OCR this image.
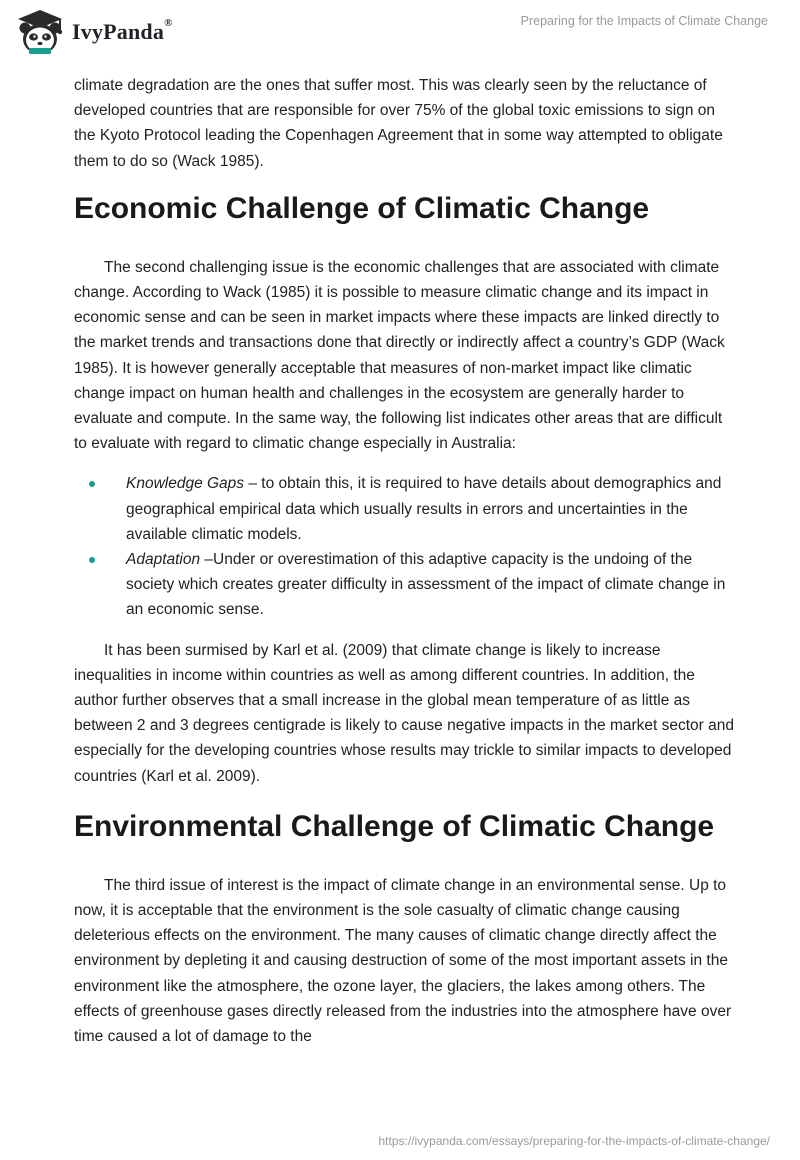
IvyPanda®	Preparing for the Impacts of Climate Change

climate degradation are the ones that suffer most. This was clearly seen by the reluctance of developed countries that are responsible for over 75% of the global toxic emissions to sign on the Kyoto Protocol leading the Copenhagen Agreement that in some way attempted to obligate them to do so (Wack 1985).

Economic Challenge of Climatic Change

The second challenging issue is the economic challenges that are associated with climate change. According to Wack (1985) it is possible to measure climatic change and its impact in economic sense and can be seen in market impacts where these impacts are linked directly to the market trends and transactions done that directly or indirectly affect a country’s GDP (Wack 1985). It is however generally acceptable that measures of non-market impact like climatic change impact on human health and challenges in the ecosystem are generally harder to evaluate and compute. In the same way, the following list indicates other areas that are difficult to evaluate with regard to climatic change especially in Australia:

Knowledge Gaps – to obtain this, it is required to have details about demographics and geographical empirical data which usually results in errors and uncertainties in the available climatic models.
Adaptation –Under or overestimation of this adaptive capacity is the undoing of the society which creates greater difficulty in assessment of the impact of climate change in an economic sense.

It has been surmised by Karl et al. (2009) that climate change is likely to increase inequalities in income within countries as well as among different countries. In addition, the author further observes that a small increase in the global mean temperature of as little as between 2 and 3 degrees centigrade is likely to cause negative impacts in the market sector and especially for the developing countries whose results may trickle to similar impacts to developed countries (Karl et al. 2009).

Environmental Challenge of Climatic Change

The third issue of interest is the impact of climate change in an environmental sense. Up to now, it is acceptable that the environment is the sole casualty of climatic change causing deleterious effects on the environment. The many causes of climatic change directly affect the environment by depleting it and causing destruction of some of the most important assets in the environment like the atmosphere, the ozone layer, the glaciers, the lakes among others. The effects of greenhouse gases directly released from the industries into the atmosphere have over time caused a lot of damage to the

https://ivypanda.com/essays/preparing-for-the-impacts-of-climate-change/
